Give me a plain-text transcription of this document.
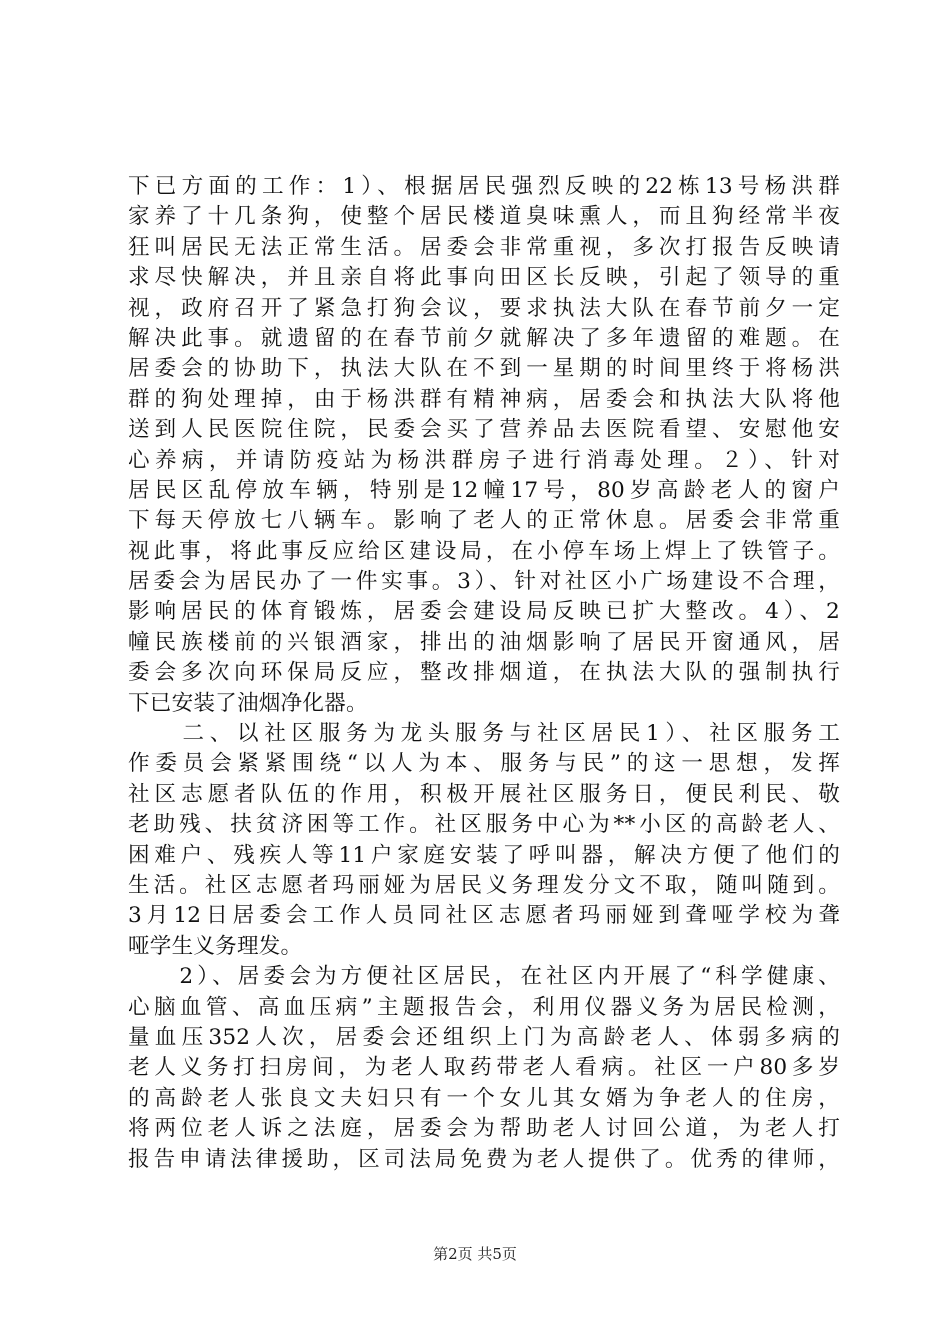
下已方面的工作：1）、根据居民强烈反映的22栋13号杨洪群
家养了十几条狗，使整个居民楼道臭味熏人，而且狗经常半夜
狂叫居民无法正常生活。居委会非常重视，多次打报告反映请
求尽快解决，并且亲自将此事向田区长反映，引起了领导的重
视，政府召开了紧急打狗会议，要求执法大队在春节前夕一定
解决此事。就遗留的在春节前夕就解决了多年遗留的难题。在
居委会的协助下，执法大队在不到一星期的时间里终于将杨洪
群的狗处理掉，由于杨洪群有精神病，居委会和执法大队将他
送到人民医院住院，民委会买了营养品去医院看望、安慰他安
心养病，并请防疫站为杨洪群房子进行消毒处理。２）、针对
居民区乱停放车辆，特别是12幢17号，80岁高龄老人的窗户
下每天停放七八辆车。影响了老人的正常休息。居委会非常重
视此事，将此事反应给区建设局，在小停车场上焊上了铁管子。
居委会为居民办了一件实事。3）、针对社区小广场建设不合理，
影响居民的体育锻炼，居委会建设局反映已扩大整改。4）、2
幢民族楼前的兴银酒家，排出的油烟影响了居民开窗通风，居
委会多次向环保局反应，整改排烟道，在执法大队的强制执行
下已安装了油烟净化器。
　　二、以社区服务为龙头服务与社区居民1）、社区服务工
作委员会紧紧围绕“以人为本、服务与民”的这一思想，发挥
社区志愿者队伍的作用，积极开展社区服务日，便民利民、敬
老助残、扶贫济困等工作。社区服务中心为**小区的高龄老人、
困难户、残疾人等11户家庭安装了呼叫器，解决方便了他们的
生活。社区志愿者玛丽娅为居民义务理发分文不取，随叫随到。
3月12日居委会工作人员同社区志愿者玛丽娅到聋哑学校为聋
哑学生义务理发。
　　2）、居委会为方便社区居民，在社区内开展了“科学健康、
心脑血管、高血压病”主题报告会，利用仪器义务为居民检测，
量血压352人次，居委会还组织上门为高龄老人、体弱多病的
老人义务打扫房间，为老人取药带老人看病。社区一户80多岁
的高龄老人张良文夫妇只有一个女儿其女婿为争老人的住房，
将两位老人诉之法庭，居委会为帮助老人讨回公道，为老人打
报告申请法律援助，区司法局免费为老人提供了。优秀的律师，
第2页 共5页
